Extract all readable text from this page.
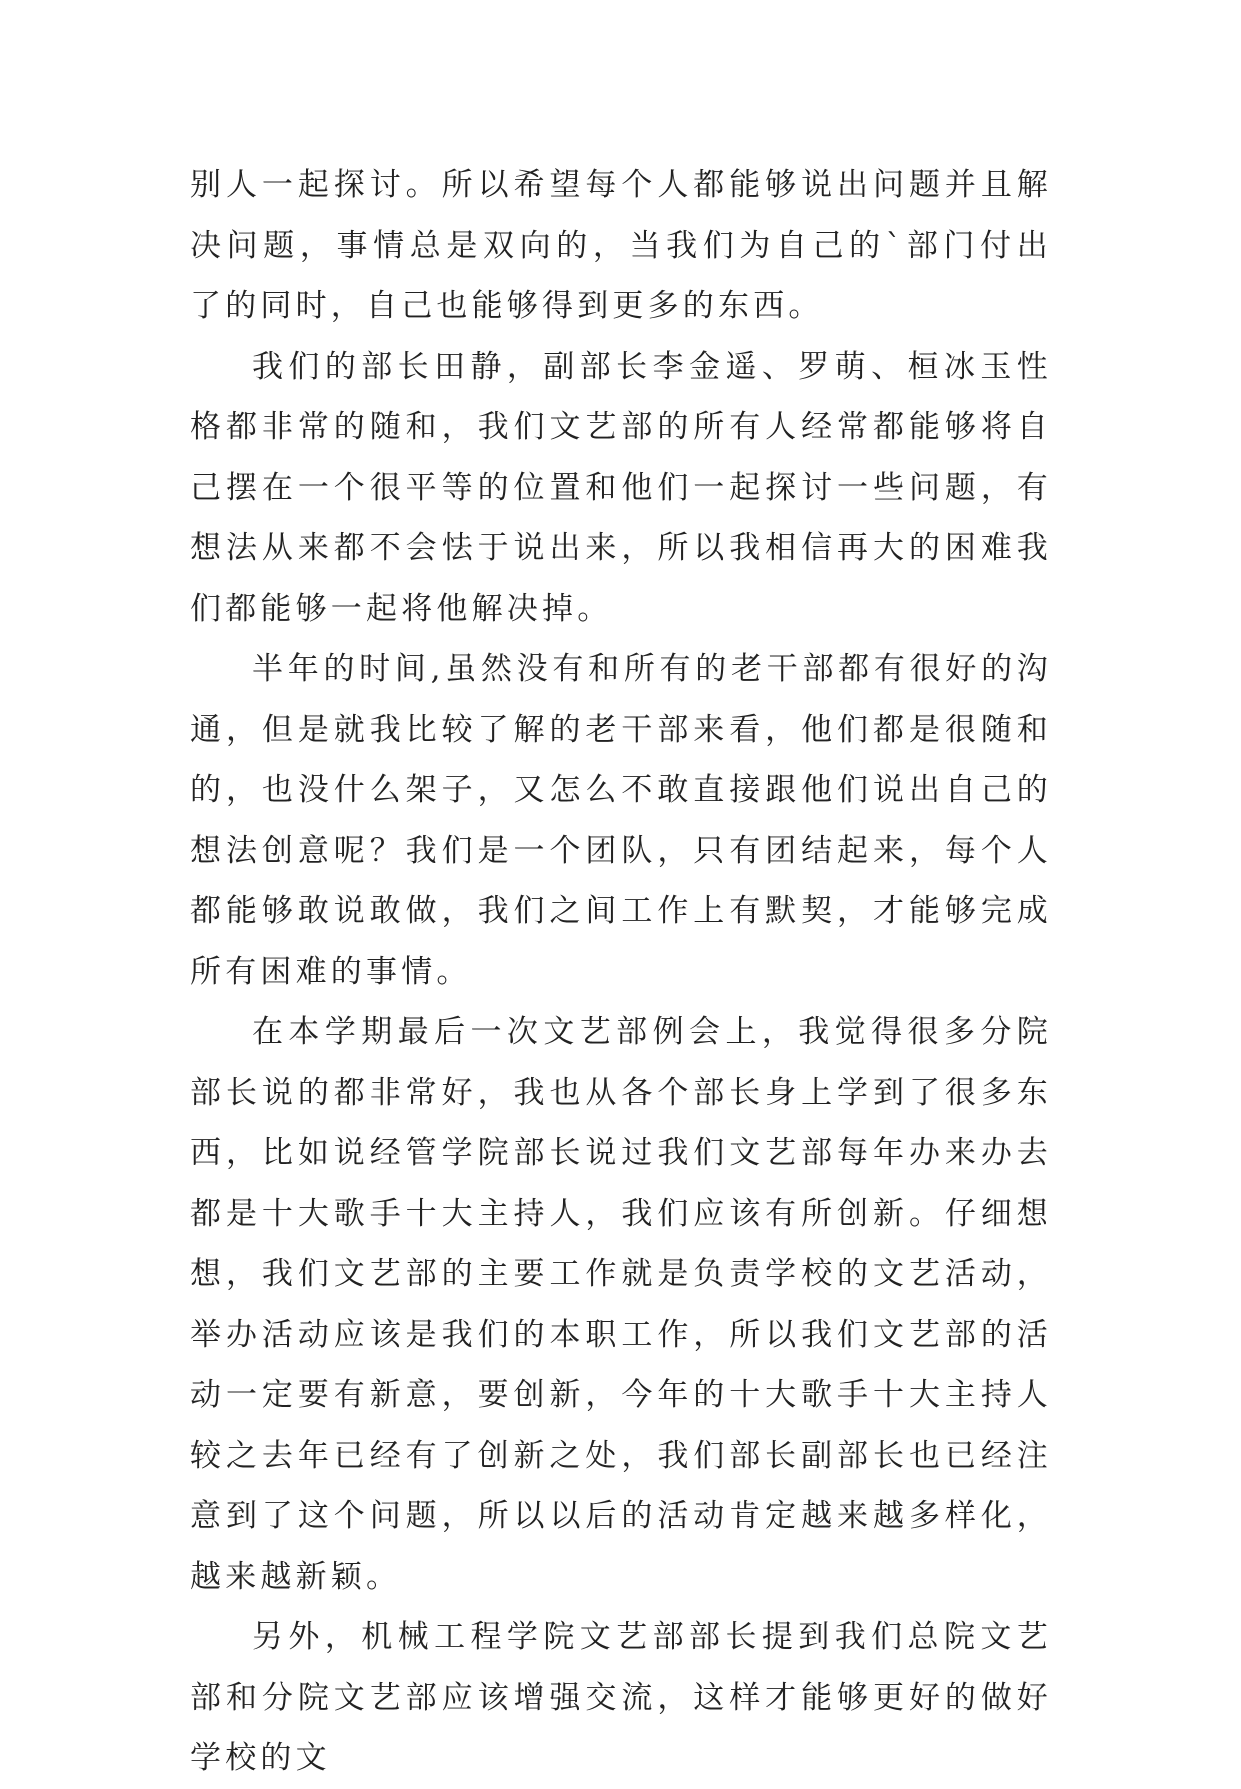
别人一起探讨。所以希望每个人都能够说出问题并且解决问题，事情总是双向的，当我们为自己的`部门付出了的同时，自己也能够得到更多的东西。

我们的部长田静，副部长李金遥、罗萌、桓冰玉性格都非常的随和，我们文艺部的所有人经常都能够将自己摆在一个很平等的位置和他们一起探讨一些问题，有想法从来都不会怯于说出来，所以我相信再大的困难我们都能够一起将他解决掉。

半年的时间,虽然没有和所有的老干部都有很好的沟通，但是就我比较了解的老干部来看，他们都是很随和的，也没什么架子，又怎么不敢直接跟他们说出自己的想法创意呢？我们是一个团队，只有团结起来，每个人都能够敢说敢做，我们之间工作上有默契，才能够完成所有困难的事情。

在本学期最后一次文艺部例会上，我觉得很多分院部长说的都非常好，我也从各个部长身上学到了很多东西，比如说经管学院部长说过我们文艺部每年办来办去都是十大歌手十大主持人，我们应该有所创新。仔细想想，我们文艺部的主要工作就是负责学校的文艺活动，举办活动应该是我们的本职工作，所以我们文艺部的活动一定要有新意，要创新，今年的十大歌手十大主持人较之去年已经有了创新之处，我们部长副部长也已经注意到了这个问题，所以以后的活动肯定越来越多样化，越来越新颖。

另外，机械工程学院文艺部部长提到我们总院文艺部和分院文艺部应该增强交流，这样才能够更好的做好学校的文
